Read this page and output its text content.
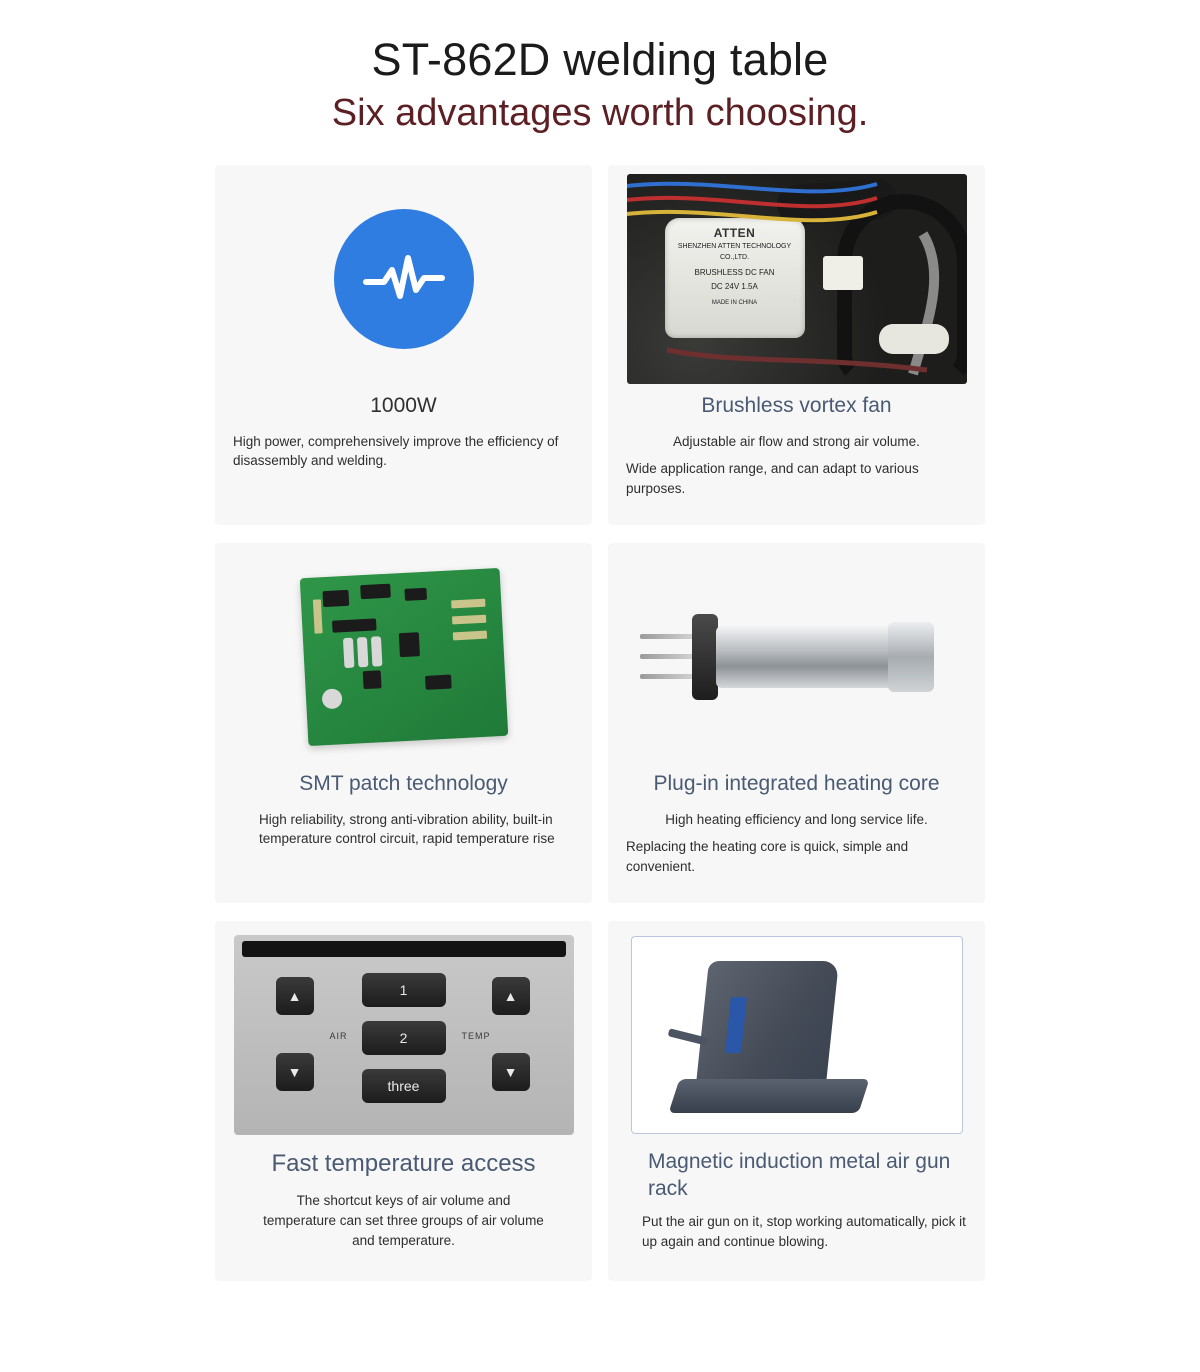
ST-862D welding table
Six advantages worth choosing.
1000W
High power, comprehensively improve the efficiency of disassembly and welding.
ATTEN
SHENZHEN ATTEN TECHNOLOGY CO.,LTD.
BRUSHLESS DC FAN
DC 24V 1.5A
MADE IN CHINA
Brushless vortex fan
Adjustable air flow and strong air volume.
Wide application range, and can adapt to various purposes.
SMT patch technology
High reliability, strong anti-vibration ability, built-in temperature control circuit, rapid temperature rise
Plug-in integrated heating core
High heating efficiency and long service life.
Replacing the heating core is quick, simple and convenient.
▲
▼
▲
▼
1
2
three
AIR	TEMP
Fast temperature access
The shortcut keys of air volume and temperature can set three groups of air volume and temperature.
Magnetic induction metal air gun rack
Put the air gun on it, stop working automatically, pick it up again and continue blowing.
